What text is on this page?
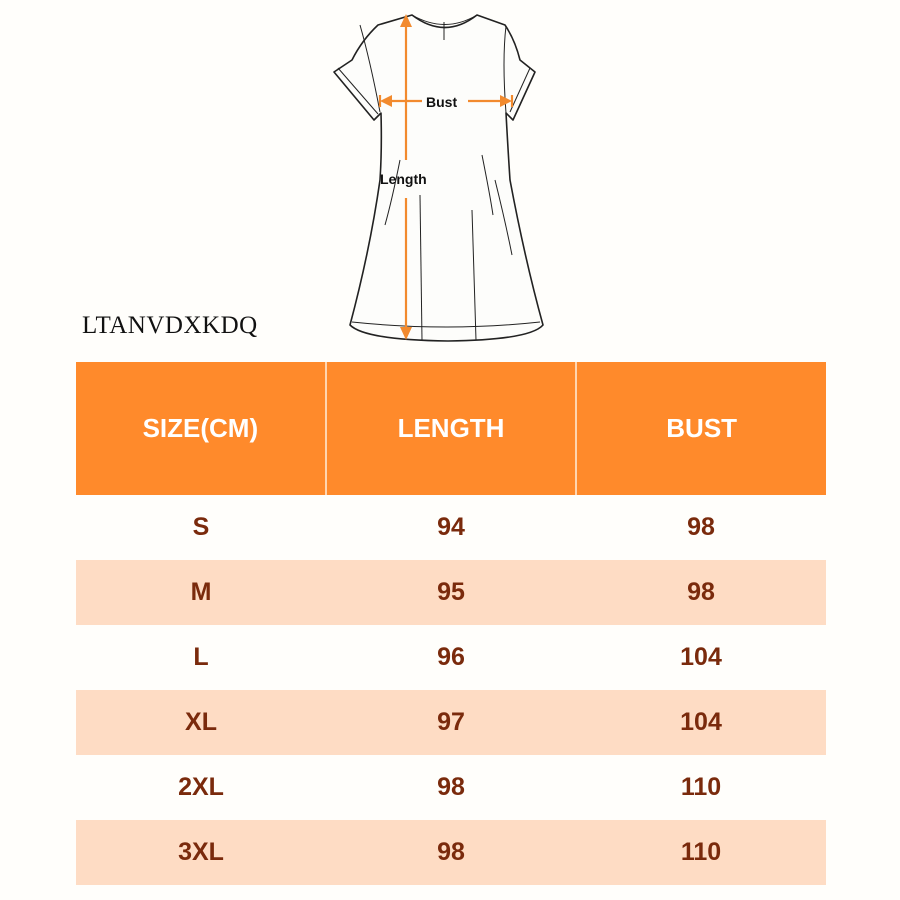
Bust
Length
LTANVDXKDQ
SIZE(CM)	LENGTH	BUST
S	94	98
M	95	98
L	96	104
XL	97	104
2XL	98	110
3XL	98	110
